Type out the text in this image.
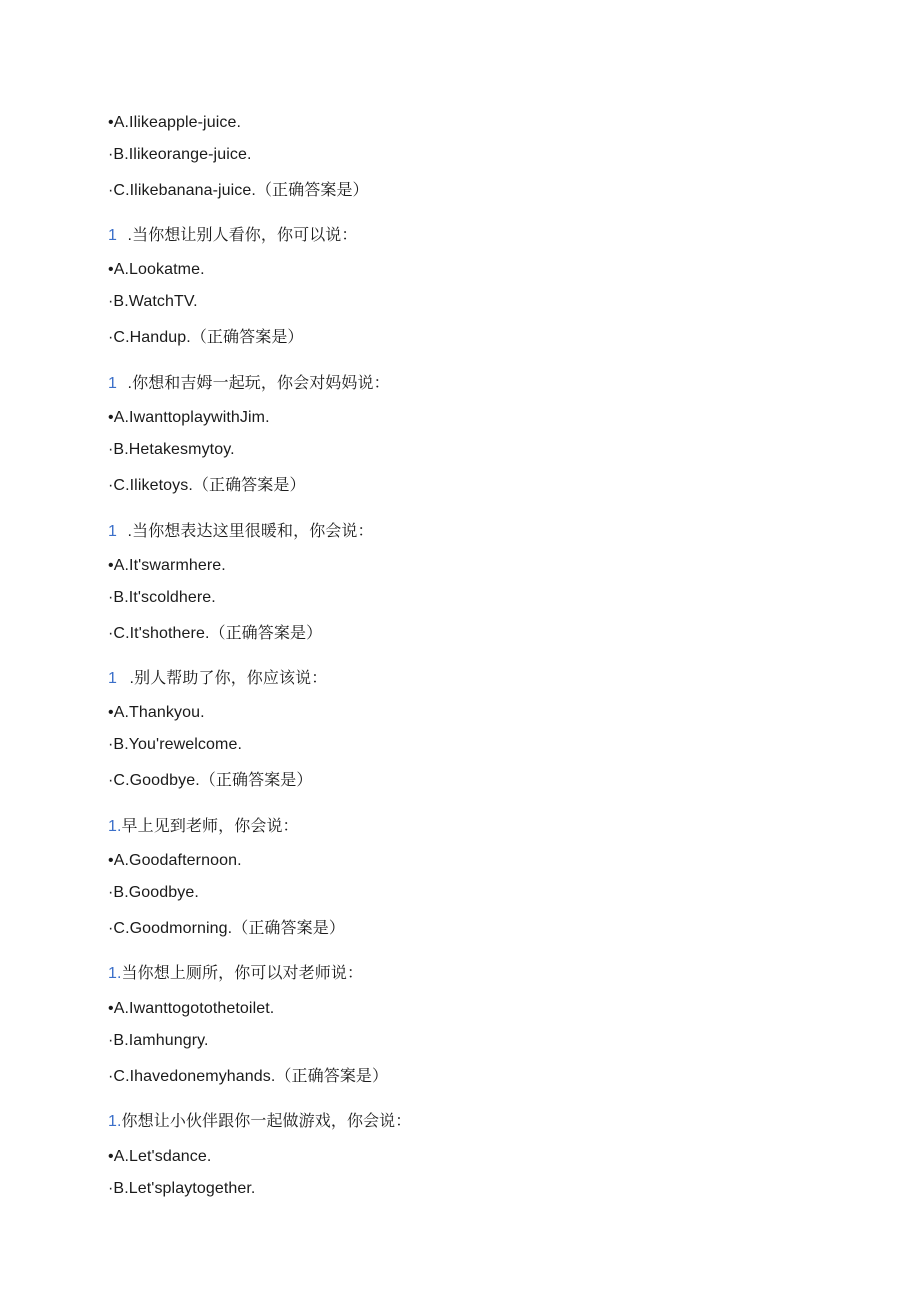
•A.Ilikeapple-juice.
·B.Ilikeorange-juice.
·C.Ilikebanana-juice.（正确答案是）
1 .当你想让别人看你，你可以说：
•A.Lookatme.
·B.WatchTV.
·C.Handup.（正确答案是）
1 .你想和吉姆一起玩，你会对妈妈说：
•A.IwanttoplaywithJim.
·B.Hetakesmytoy.
·C.Iliketoys.（正确答案是）
1 .当你想表达这里很暖和，你会说：
•A.It'swarmhere.
·B.It'scoldhere.
·C.It'shothere.（正确答案是）
1 .别人帮助了你，你应该说：
•A.Thankyou.
·B.You'rewelcome.
·C.Goodbye.（正确答案是）
1.早上见到老师，你会说：
•A.Goodafternoon.
·B.Goodbye.
·C.Goodmorning.（正确答案是）
1.当你想上厕所，你可以对老师说：
•A.Iwanttogotothetoilet.
·B.Iamhungry.
·C.Ihavedonemyhands.（正确答案是）
1.你想让小伙伴跟你一起做游戏，你会说：
•A.Let'sdance.
·B.Let'splaytogether.
